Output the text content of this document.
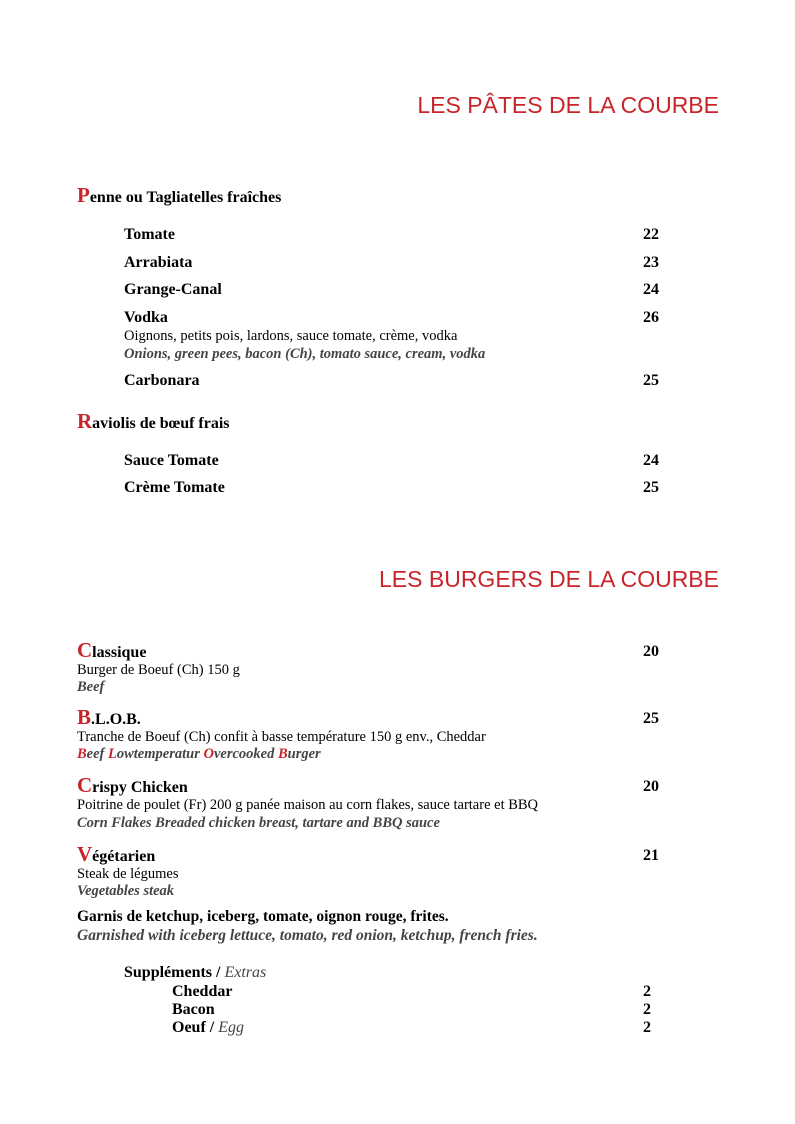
LES PÂTES DE LA COURBE
Penne ou Tagliatelles fraîches
Tomate	22
Arrabiata	23
Grange-Canal	24
Vodka	26
Oignons, petits pois, lardons, sauce tomate, crème, vodka
Onions, green pees, bacon (Ch), tomato sauce, cream, vodka
Carbonara	25
Raviolis de bœuf frais
Sauce Tomate	24
Crème Tomate	25
LES BURGERS DE LA COURBE
Classique	20
Burger de Boeuf (Ch) 150 g
Beef
B.L.O.B.	25
Tranche de Boeuf (Ch) confit à basse température 150 g env., Cheddar
Beef Lowtemperatur Overcooked Burger
Crispy Chicken	20
Poitrine de poulet (Fr) 200 g panée maison au corn flakes, sauce tartare et BBQ
Corn Flakes Breaded chicken breast, tartare and BBQ sauce
Végétarien	21
Steak de légumes
Vegetables steak
Garnis de ketchup, iceberg, tomate, oignon rouge, frites.
Garnished with iceberg lettuce, tomato, red onion, ketchup, french fries.
Suppléments / Extras
Cheddar	2
Bacon	2
Oeuf / Egg	2
